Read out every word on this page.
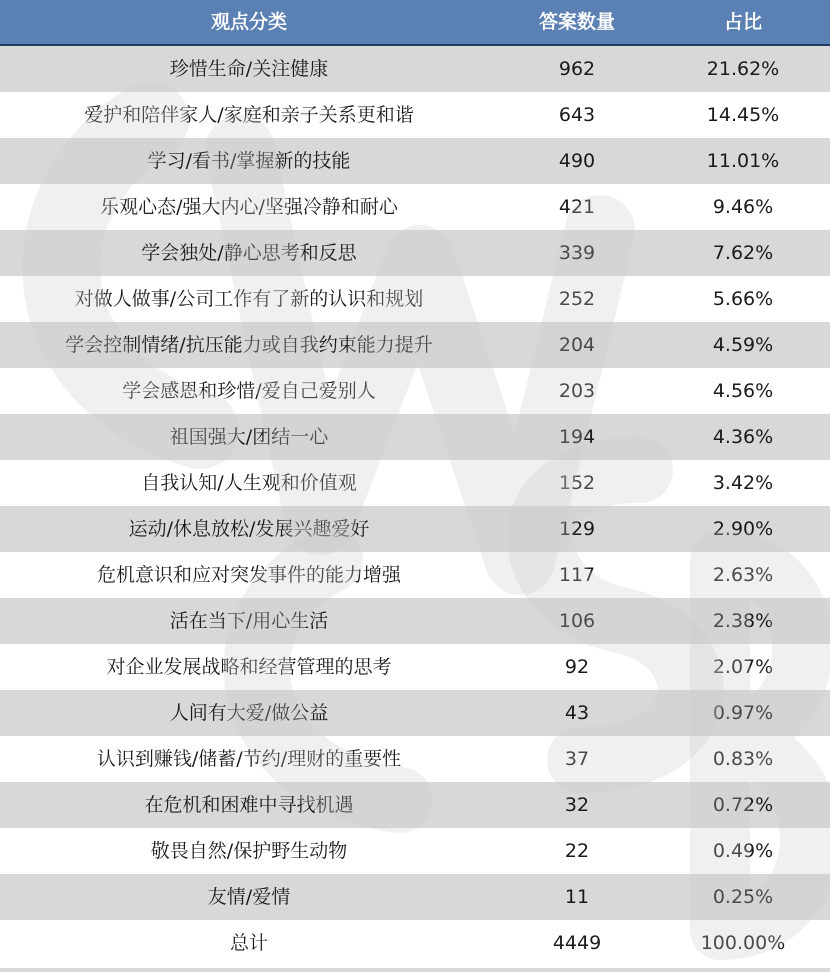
观点分类	答案数量	占比
珍惜生命/关注健康	962	21.62%
爱护和陪伴家人/家庭和亲子关系更和谐	643	14.45%
学习/看书/掌握新的技能	490	11.01%
乐观心态/强大内心/坚强冷静和耐心	421	9.46%
学会独处/静心思考和反思	339	7.62%
对做人做事/公司工作有了新的认识和规划	252	5.66%
学会控制情绪/抗压能力或自我约束能力提升	204	4.59%
学会感恩和珍惜/爱自己爱别人	203	4.56%
祖国强大/团结一心	194	4.36%
自我认知/人生观和价值观	152	3.42%
运动/休息放松/发展兴趣爱好	129	2.90%
危机意识和应对突发事件的能力增强	117	2.63%
活在当下/用心生活	106	2.38%
对企业发展战略和经营管理的思考	92	2.07%
人间有大爱/做公益	43	0.97%
认识到赚钱/储蓄/节约/理财的重要性	37	0.83%
在危机和困难中寻找机遇	32	0.72%
敬畏自然/保护野生动物	22	0.49%
友情/爱情	11	0.25%
总计	4449	100.00%
